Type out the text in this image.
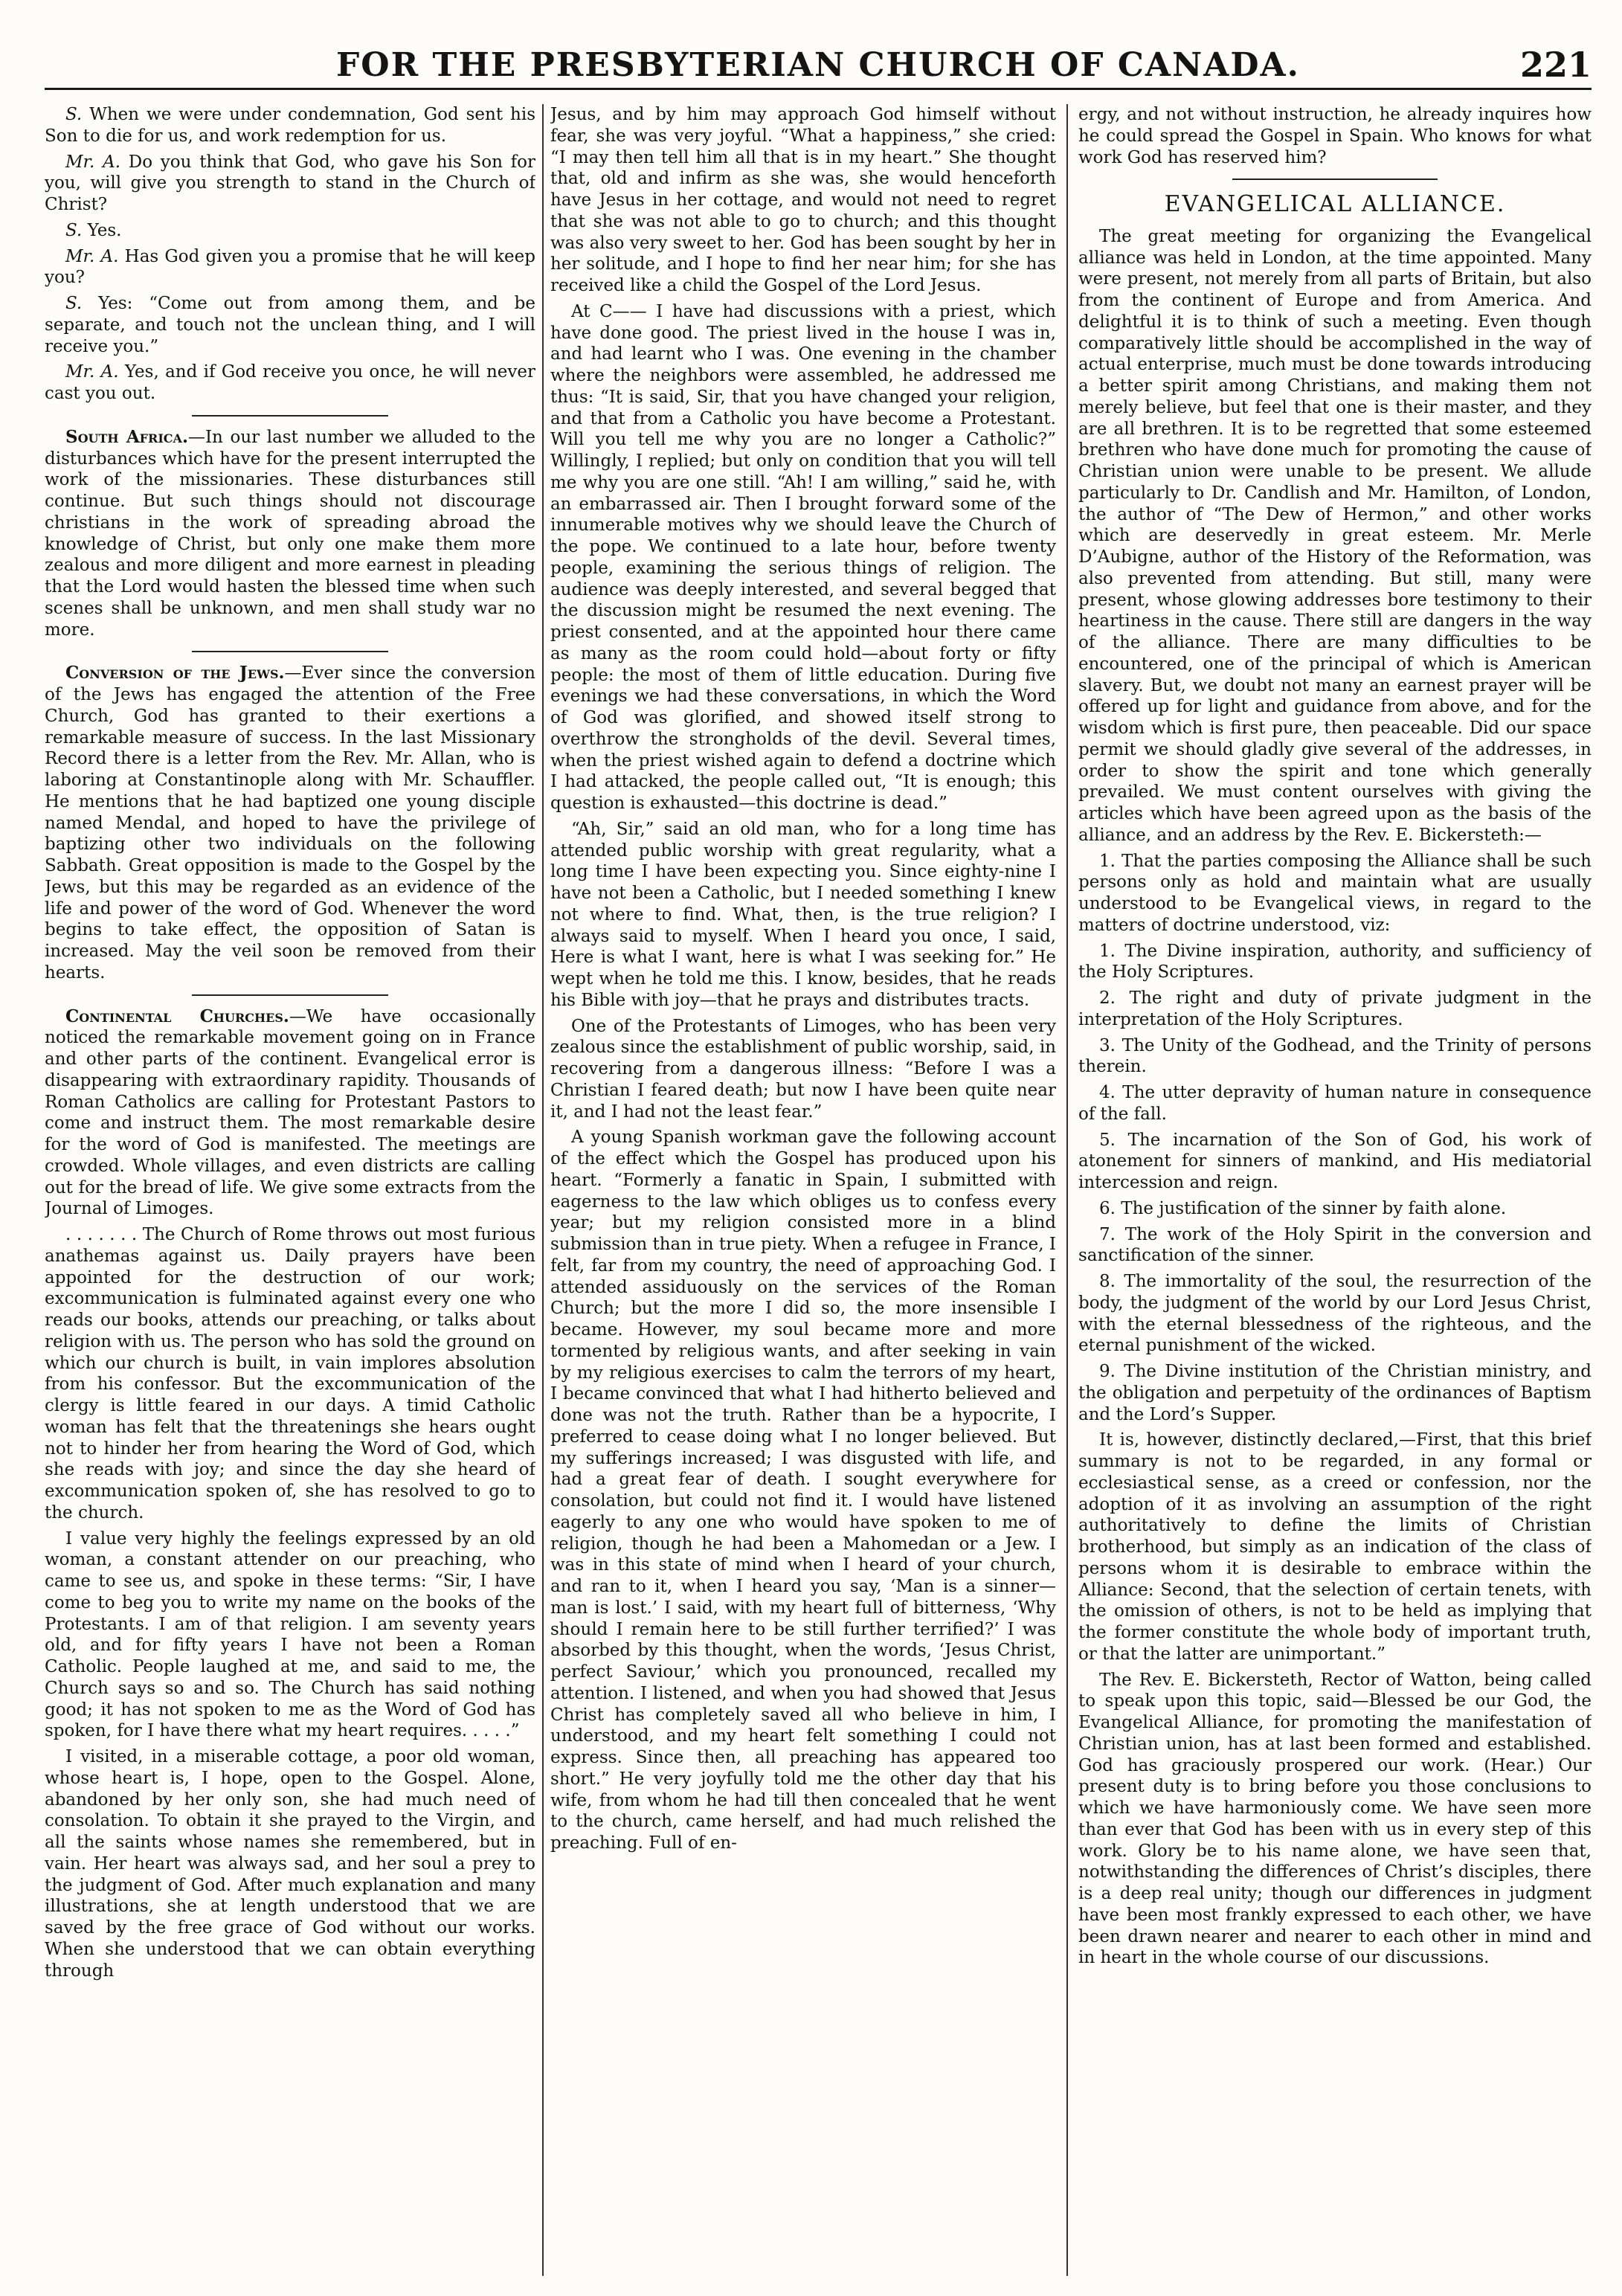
FOR THE PRESBYTERIAN CHURCH OF CANADA.	221

S. When we were under condemnation, God sent his Son to die for us, and work redemption for us.

Mr. A. Do you think that God, who gave his Son for you, will give you strength to stand in the Church of Christ?

S. Yes.

Mr. A. Has God given you a promise that he will keep you?

S. Yes: “Come out from among them, and be separate, and touch not the unclean thing, and I will receive you.”

Mr. A. Yes, and if God receive you once, he will never cast you out.

South Africa.—In our last number we alluded to the disturbances which have for the present interrupted the work of the missionaries. These disturbances still continue. But such things should not discourage christians in the work of spreading abroad the knowledge of Christ, but only one make them more zealous and more diligent and more earnest in pleading that the Lord would hasten the blessed time when such scenes shall be unknown, and men shall study war no more.

Conversion of the Jews.—Ever since the conversion of the Jews has engaged the attention of the Free Church, God has granted to their exertions a remarkable measure of success. In the last Missionary Record there is a letter from the Rev. Mr. Allan, who is laboring at Constantinople along with Mr. Schauffler. He mentions that he had baptized one young disciple named Mendal, and hoped to have the privilege of baptizing other two individuals on the following Sabbath. Great opposition is made to the Gospel by the Jews, but this may be regarded as an evidence of the life and power of the word of God. Whenever the word begins to take effect, the opposition of Satan is increased. May the veil soon be removed from their hearts.

Continental Churches.—We have occasionally noticed the remarkable movement going on in France and other parts of the continent. Evangelical error is disappearing with extraordinary rapidity. Thousands of Roman Catholics are calling for Protestant Pastors to come and instruct them. The most remarkable desire for the word of God is manifested. The meetings are crowded. Whole villages, and even districts are calling out for the bread of life. We give some extracts from the Journal of Limoges.

. . . . . . . The Church of Rome throws out most furious anathemas against us. Daily prayers have been appointed for the destruction of our work; excommunication is fulminated against every one who reads our books, attends our preaching, or talks about religion with us. The person who has sold the ground on which our church is built, in vain implores absolution from his confessor. But the excommunication of the clergy is little feared in our days. A timid Catholic woman has felt that the threatenings she hears ought not to hinder her from hearing the Word of God, which she reads with joy; and since the day she heard of excommunication spoken of, she has resolved to go to the church.

I value very highly the feelings expressed by an old woman, a constant attender on our preaching, who came to see us, and spoke in these terms: “Sir, I have come to beg you to write my name on the books of the Protestants. I am of that religion. I am seventy years old, and for fifty years I have not been a Roman Catholic. People laughed at me, and said to me, the Church says so and so. The Church has said nothing good; it has not spoken to me as the Word of God has spoken, for I have there what my heart requires. . . . .”

I visited, in a miserable cottage, a poor old woman, whose heart is, I hope, open to the Gospel. Alone, abandoned by her only son, she had much need of consolation. To obtain it she prayed to the Virgin, and all the saints whose names she remembered, but in vain. Her heart was always sad, and her soul a prey to the judgment of God. After much explanation and many illustrations, she at length understood that we are saved by the free grace of God without our works. When she understood that we can obtain everything through

Jesus, and by him may approach God himself without fear, she was very joyful. “What a happiness,” she cried: “I may then tell him all that is in my heart.” She thought that, old and infirm as she was, she would henceforth have Jesus in her cottage, and would not need to regret that she was not able to go to church; and this thought was also very sweet to her. God has been sought by her in her solitude, and I hope to find her near him; for she has received like a child the Gospel of the Lord Jesus.

At C—— I have had discussions with a priest, which have done good. The priest lived in the house I was in, and had learnt who I was. One evening in the chamber where the neighbors were assembled, he addressed me thus: “It is said, Sir, that you have changed your religion, and that from a Catholic you have become a Protestant. Will you tell me why you are no longer a Catholic?” Willingly, I replied; but only on condition that you will tell me why you are one still. “Ah! I am willing,” said he, with an embarrassed air. Then I brought forward some of the innumerable motives why we should leave the Church of the pope. We continued to a late hour, before twenty people, examining the serious things of religion. The audience was deeply interested, and several begged that the discussion might be resumed the next evening. The priest consented, and at the appointed hour there came as many as the room could hold—about forty or fifty people: the most of them of little education. During five evenings we had these conversations, in which the Word of God was glorified, and showed itself strong to overthrow the strongholds of the devil. Several times, when the priest wished again to defend a doctrine which I had attacked, the people called out, “It is enough; this question is exhausted—this doctrine is dead.”

“Ah, Sir,” said an old man, who for a long time has attended public worship with great regularity, what a long time I have been expecting you. Since eighty-nine I have not been a Catholic, but I needed something I knew not where to find. What, then, is the true religion? I always said to myself. When I heard you once, I said, Here is what I want, here is what I was seeking for.” He wept when he told me this. I know, besides, that he reads his Bible with joy—that he prays and distributes tracts.

One of the Protestants of Limoges, who has been very zealous since the establishment of public worship, said, in recovering from a dangerous illness: “Before I was a Christian I feared death; but now I have been quite near it, and I had not the least fear.”

A young Spanish workman gave the following account of the effect which the Gospel has produced upon his heart. “Formerly a fanatic in Spain, I submitted with eagerness to the law which obliges us to confess every year; but my religion consisted more in a blind submission than in true piety. When a refugee in France, I felt, far from my country, the need of approaching God. I attended assiduously on the services of the Roman Church; but the more I did so, the more insensible I became. However, my soul became more and more tormented by religious wants, and after seeking in vain by my religious exercises to calm the terrors of my heart, I became convinced that what I had hitherto believed and done was not the truth. Rather than be a hypocrite, I preferred to cease doing what I no longer believed. But my sufferings increased; I was disgusted with life, and had a great fear of death. I sought everywhere for consolation, but could not find it. I would have listened eagerly to any one who would have spoken to me of religion, though he had been a Mahomedan or a Jew. I was in this state of mind when I heard of your church, and ran to it, when I heard you say, ‘Man is a sinner—man is lost.’ I said, with my heart full of bitterness, ‘Why should I remain here to be still further terrified?’ I was absorbed by this thought, when the words, ‘Jesus Christ, perfect Saviour,’ which you pronounced, recalled my attention. I listened, and when you had showed that Jesus Christ has completely saved all who believe in him, I understood, and my heart felt something I could not express. Since then, all preaching has appeared too short.” He very joyfully told me the other day that his wife, from whom he had till then concealed that he went to the church, came herself, and had much relished the preaching. Full of en-

ergy, and not without instruction, he already inquires how he could spread the Gospel in Spain. Who knows for what work God has reserved him?

EVANGELICAL ALLIANCE.

The great meeting for organizing the Evangelical alliance was held in London, at the time appointed. Many were present, not merely from all parts of Britain, but also from the continent of Europe and from America. And delightful it is to think of such a meeting. Even though comparatively little should be accomplished in the way of actual enterprise, much must be done towards introducing a better spirit among Christians, and making them not merely believe, but feel that one is their master, and they are all brethren. It is to be regretted that some esteemed brethren who have done much for promoting the cause of Christian union were unable to be present. We allude particularly to Dr. Candlish and Mr. Hamilton, of London, the author of “The Dew of Hermon,” and other works which are deservedly in great esteem. Mr. Merle D’Aubigne, author of the History of the Reformation, was also prevented from attending. But still, many were present, whose glowing addresses bore testimony to their heartiness in the cause. There still are dangers in the way of the alliance. There are many difficulties to be encountered, one of the principal of which is American slavery. But, we doubt not many an earnest prayer will be offered up for light and guidance from above, and for the wisdom which is first pure, then peaceable. Did our space permit we should gladly give several of the addresses, in order to show the spirit and tone which generally prevailed. We must content ourselves with giving the articles which have been agreed upon as the basis of the alliance, and an address by the Rev. E. Bickersteth:—

1. That the parties composing the Alliance shall be such persons only as hold and maintain what are usually understood to be Evangelical views, in regard to the matters of doctrine understood, viz:

1. The Divine inspiration, authority, and sufficiency of the Holy Scriptures.

2. The right and duty of private judgment in the interpretation of the Holy Scriptures.

3. The Unity of the Godhead, and the Trinity of persons therein.

4. The utter depravity of human nature in consequence of the fall.

5. The incarnation of the Son of God, his work of atonement for sinners of mankind, and His mediatorial intercession and reign.

6. The justification of the sinner by faith alone.

7. The work of the Holy Spirit in the conversion and sanctification of the sinner.

8. The immortality of the soul, the resurrection of the body, the judgment of the world by our Lord Jesus Christ, with the eternal blessedness of the righteous, and the eternal punishment of the wicked.

9. The Divine institution of the Christian ministry, and the obligation and perpetuity of the ordinances of Baptism and the Lord’s Supper.

It is, however, distinctly declared,—First, that this brief summary is not to be regarded, in any formal or ecclesiastical sense, as a creed or confession, nor the adoption of it as involving an assumption of the right authoritatively to define the limits of Christian brotherhood, but simply as an indication of the class of persons whom it is desirable to embrace within the Alliance: Second, that the selection of certain tenets, with the omission of others, is not to be held as implying that the former constitute the whole body of important truth, or that the latter are unimportant.”

The Rev. E. Bickersteth, Rector of Watton, being called to speak upon this topic, said—Blessed be our God, the Evangelical Alliance, for promoting the manifestation of Christian union, has at last been formed and established. God has graciously prospered our work. (Hear.) Our present duty is to bring before you those conclusions to which we have harmoniously come. We have seen more than ever that God has been with us in every step of this work. Glory be to his name alone, we have seen that, notwithstanding the differences of Christ’s disciples, there is a deep real unity; though our differences in judgment have been most frankly expressed to each other, we have been drawn nearer and nearer to each other in mind and in heart in the whole course of our discussions.
